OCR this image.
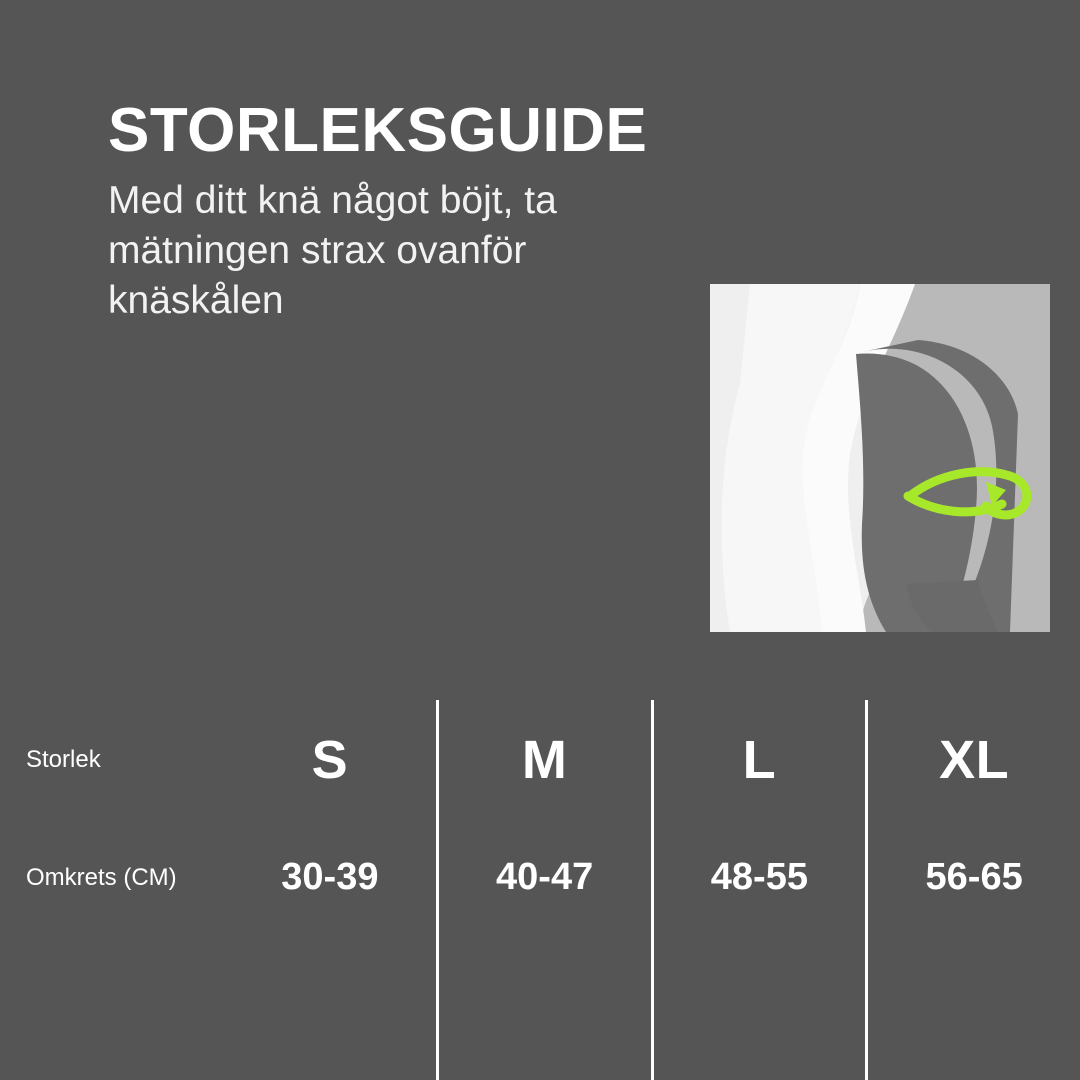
STORLEKSGUIDE

Med ditt knä något böjt, ta mätningen strax ovanför knäskålen

Storlek	S	M	L	XL
Omkrets (CM)	30-39	40-47	48-55	56-65
